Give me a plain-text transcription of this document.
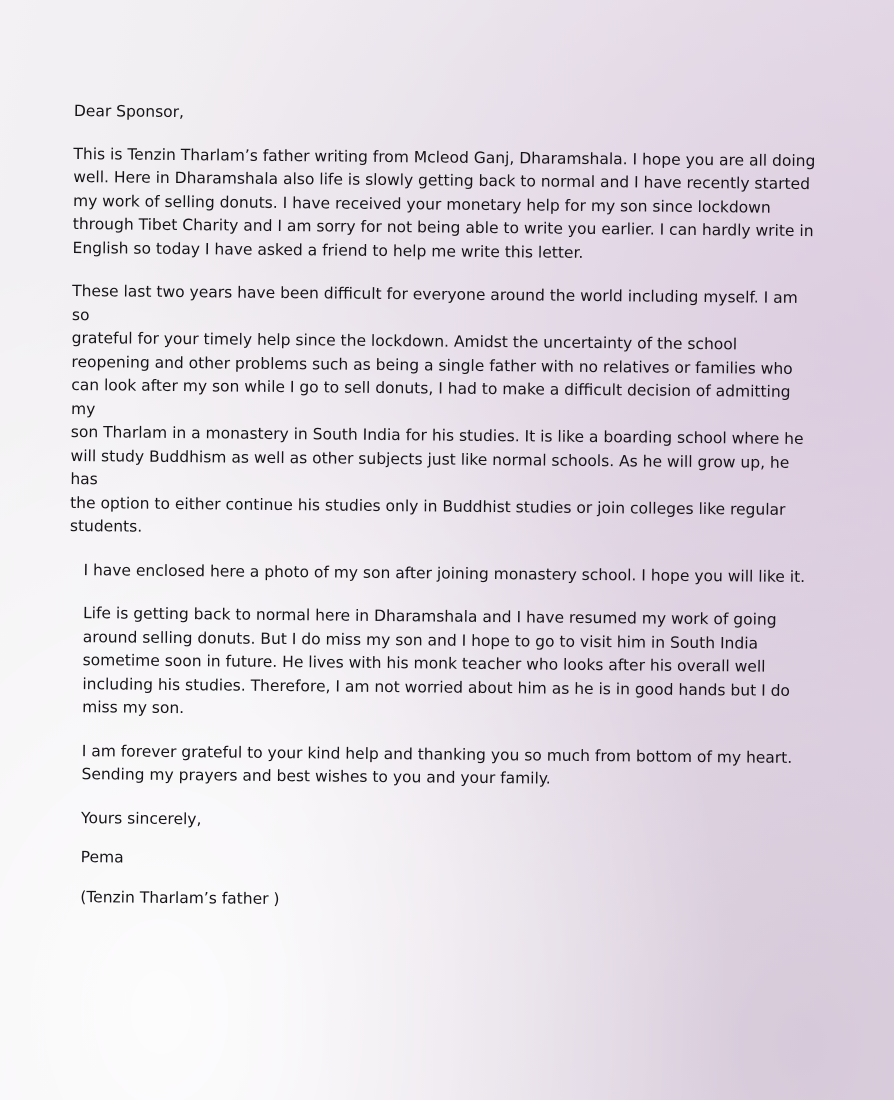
Dear Sponsor,

This is Tenzin Tharlam’s father writing from Mcleod Ganj, Dharamshala. I hope you are all doing
well. Here in Dharamshala also life is slowly getting back to normal and I have recently started
my work of selling donuts. I have received your monetary help for my son since lockdown
through Tibet Charity and I am sorry for not being able to write you earlier. I can hardly write in
English so today I have asked a friend to help me write this letter.

These last two years have been difficult for everyone around the world including myself. I am so
grateful for your timely help since the lockdown. Amidst the uncertainty of the school
reopening and other problems such as being a single father with no relatives or families who
can look after my son while I go to sell donuts, I had to make a difficult decision of admitting my
son Tharlam in a monastery in South India for his studies. It is like a boarding school where he
will study Buddhism as well as other subjects just like normal schools. As he will grow up, he has
the option to either continue his studies only in Buddhist studies or join colleges like regular
students.

I have enclosed here a photo of my son after joining monastery school. I hope you will like it.

Life is getting back to normal here in Dharamshala and I have resumed my work of going
around selling donuts. But I do miss my son and I hope to go to visit him in South India
sometime soon in future. He lives with his monk teacher who looks after his overall well
including his studies. Therefore, I am not worried about him as he is in good hands but I do
miss my son.

I am forever grateful to your kind help and thanking you so much from bottom of my heart.
Sending my prayers and best wishes to you and your family.

Yours sincerely,

Pema

(Tenzin Tharlam’s father )
